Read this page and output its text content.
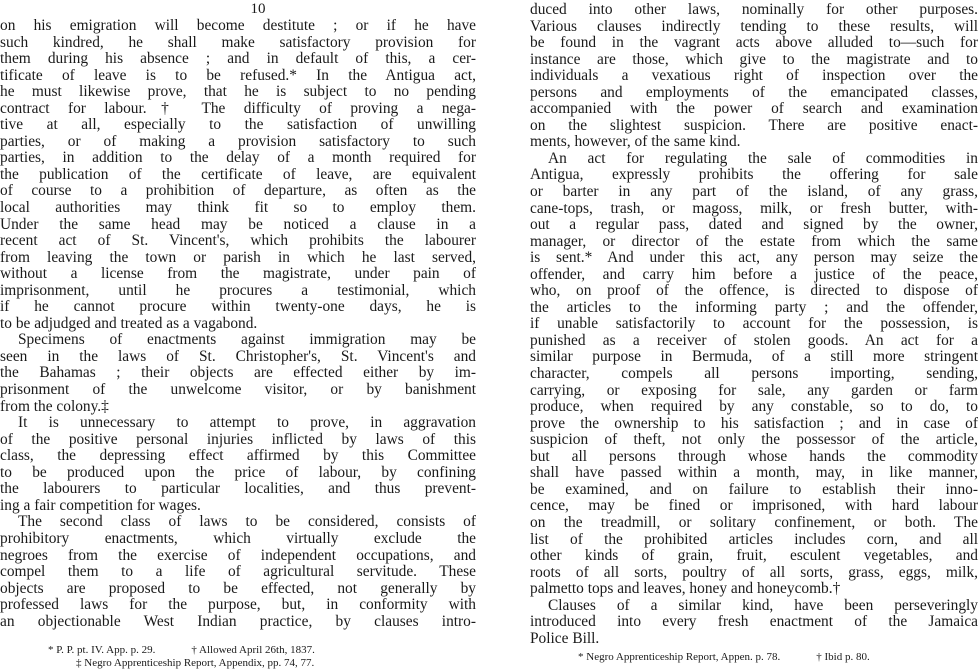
10
on his emigration will become destitute ; or if he have
such kindred, he shall make satisfactory provision for
them during his absence ; and in default of this, a cer-
tificate of leave is to be refused.* In the Antigua act,
he must likewise prove, that he is subject to no pending
contract for labour.† The difficulty of proving a nega-
tive at all, especially to the satisfaction of unwilling
parties, or of making a provision satisfactory to such
parties, in addition to the delay of a month required for
the publication of the certificate of leave, are equivalent
of course to a prohibition of departure, as often as the
local authorities may think fit so to employ them.
Under the same head may be noticed a clause in a
recent act of St. Vincent's, which prohibits the labourer
from leaving the town or parish in which he last served,
without a license from the magistrate, under pain of
imprisonment, until he procures a testimonial, which
if he cannot procure within twenty-one days, he is
to be adjudged and treated as a vagabond.
Specimens of enactments against immigration may be
seen in the laws of St. Christopher's, St. Vincent's and
the Bahamas ; their objects are effected either by im-
prisonment of the unwelcome visitor, or by banishment
from the colony.‡
It is unnecessary to attempt to prove, in aggravation
of the positive personal injuries inflicted by laws of this
class, the depressing effect affirmed by this Committee
to be produced upon the price of labour, by confining
the labourers to particular localities, and thus prevent-
ing a fair competition for wages.
The second class of laws to be considered, consists of
prohibitory enactments, which virtually exclude the
negroes from the exercise of independent occupations, and
compel them to a life of agricultural servitude. These
objects are proposed to be effected, not generally by
professed laws for the purpose, but, in conformity with
an objectionable West Indian practice, by clauses intro-
* P. P. pt. IV. App. p. 29.	† Allowed April 26th, 1837.
‡ Negro Apprenticeship Report, Appendix, pp. 74, 77.
duced into other laws, nominally for other purposes.
Various clauses indirectly tending to these results, will
be found in the vagrant acts above alluded to—such for
instance are those, which give to the magistrate and to
individuals a vexatious right of inspection over the
persons and employments of the emancipated classes,
accompanied with the power of search and examination
on the slightest suspicion. There are positive enact-
ments, however, of the same kind.
An act for regulating the sale of commodities in
Antigua, expressly prohibits the offering for sale
or barter in any part of the island, of any grass,
cane-tops, trash, or magoss, milk, or fresh butter, with-
out a regular pass, dated and signed by the owner,
manager, or director of the estate from which the same
is sent.* And under this act, any person may seize the
offender, and carry him before a justice of the peace,
who, on proof of the offence, is directed to dispose of
the articles to the informing party ; and the offender,
if unable satisfactorily to account for the possession, is
punished as a receiver of stolen goods. An act for a
similar purpose in Bermuda, of a still more stringent
character, compels all persons importing, sending,
carrying, or exposing for sale, any garden or farm
produce, when required by any constable, so to do, to
prove the ownership to his satisfaction ; and in case of
suspicion of theft, not only the possessor of the article,
but all persons through whose hands the commodity
shall have passed within a month, may, in like manner,
be examined, and on failure to establish their inno-
cence, may be fined or imprisoned, with hard labour
on the treadmill, or solitary confinement, or both. The
list of the prohibited articles includes corn, and all
other kinds of grain, fruit, esculent vegetables, and
roots of all sorts, poultry of all sorts, grass, eggs, milk,
palmetto tops and leaves, honey and honeycomb.†
Clauses of a similar kind, have been perseveringly
introduced into every fresh enactment of the Jamaica
Police Bill.
* Negro Apprenticeship Report, Appen. p. 78.	† Ibid p. 80.
